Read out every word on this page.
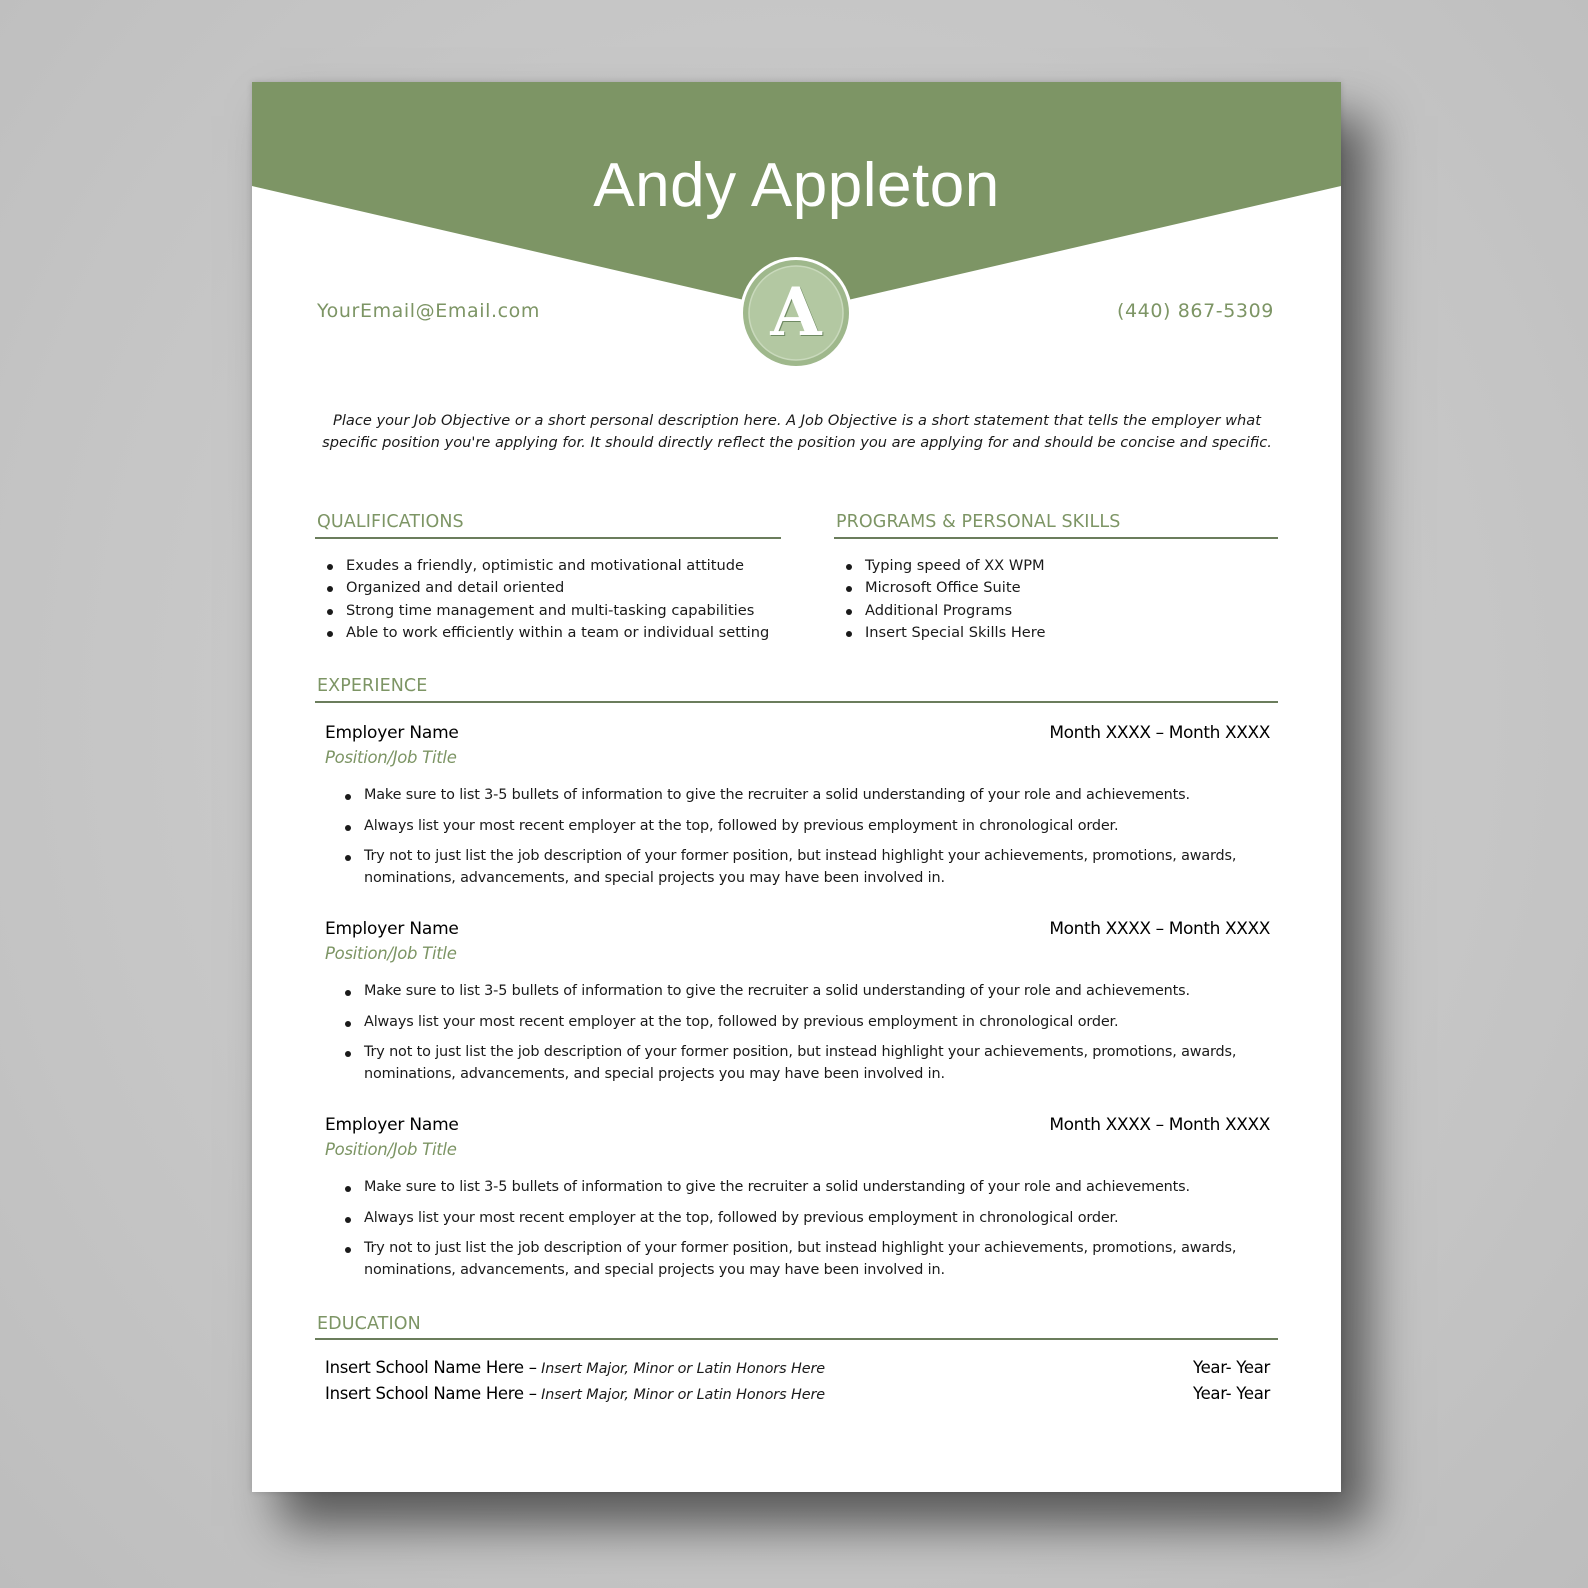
Andy Appleton
A
YourEmail@Email.com	(440) 867-5309
Place your Job Objective or a short personal description here. A Job Objective is a short statement that tells the employer what specific position you're applying for. It should directly reflect the position you are applying for and should be concise and specific.
QUALIFICATIONS
Exudes a friendly, optimistic and motivational attitude
Organized and detail oriented
Strong time management and multi-tasking capabilities
Able to work efficiently within a team or individual setting
PROGRAMS & PERSONAL SKILLS
Typing speed of XX WPM
Microsoft Office Suite
Additional Programs
Insert Special Skills Here
EXPERIENCE
Employer Name	Month XXXX – Month XXXX
Position/Job Title
Make sure to list 3-5 bullets of information to give the recruiter a solid understanding of your role and achievements.
Always list your most recent employer at the top, followed by previous employment in chronological order.
Try not to just list the job description of your former position, but instead highlight your achievements, promotions, awards, nominations, advancements, and special projects you may have been involved in.
Employer Name	Month XXXX – Month XXXX
Position/Job Title
Make sure to list 3-5 bullets of information to give the recruiter a solid understanding of your role and achievements.
Always list your most recent employer at the top, followed by previous employment in chronological order.
Try not to just list the job description of your former position, but instead highlight your achievements, promotions, awards, nominations, advancements, and special projects you may have been involved in.
Employer Name	Month XXXX – Month XXXX
Position/Job Title
Make sure to list 3-5 bullets of information to give the recruiter a solid understanding of your role and achievements.
Always list your most recent employer at the top, followed by previous employment in chronological order.
Try not to just list the job description of your former position, but instead highlight your achievements, promotions, awards, nominations, advancements, and special projects you may have been involved in.
EDUCATION
Insert School Name Here – Insert Major, Minor or Latin Honors Here	Year- Year
Insert School Name Here – Insert Major, Minor or Latin Honors Here	Year- Year
